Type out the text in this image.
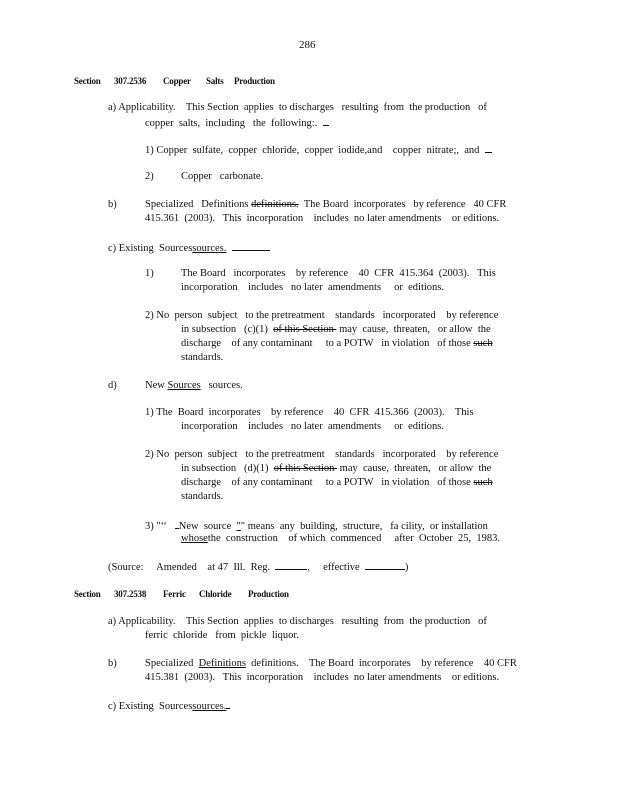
286
Section 307.2536 Copper Salts Production
a) Applicability.    This Section  applies  to discharges   resulting  from  the production   of
copper  salts,  including   the  following:.
1) Copper  sulfate,  copper  chloride,  copper  iodide,and    copper  nitrate;,  and
2)	Copper   carbonate.
b)	Specialized   Definitions definitions.  The Board  incorporates   by reference   40 CFR
415.361  (2003).   This  incorporation    includes  no later amendments    or editions.
c) Existing  Sourcessources.
1)	The Board   incorporates    by reference    40  CFR  415.364  (2003).   This
incorporation    includes   no later  amendments     or  editions.
2) No  person  subject   to the pretreatment    standards   incorporated    by reference
in subsection   (c)(1)  of this Section  may  cause,  threaten,   or allow  the
discharge    of any contaminant     to a POTW   in violation   of those such
standards.
d)	New Sources   sources.
1) The  Board  incorporates    by reference    40  CFR  415.366  (2003).    This
incorporation    includes   no later  amendments     or  editions.
2) No  person  subject   to the pretreatment    standards   incorporated    by reference
in subsection   (d)(1)  of this Section  may  cause,  threaten,   or allow  the
discharge    of any contaminant     to a POTW   in violation   of those such
standards.
3) "‘‘   New  source  "" means  any  building,  structure,   fa cility,  or installation
whosethe  construction    of which  commenced     after  October  25,  1983.
(Source:     Amended    at 47  Ill.  Reg.	,     effective	)
Section 307.2538 Ferric Chloride Production
a) Applicability.    This Section  applies  to discharges   resulting  from  the production   of
ferric  chloride   from  pickle  liquor.
b)	Specialized  Definitions  definitions.    The Board  incorporates    by reference    40 CFR
415.381  (2003).   This  incorporation    includes  no later amendments    or editions.
c) Existing  Sourcessources.
